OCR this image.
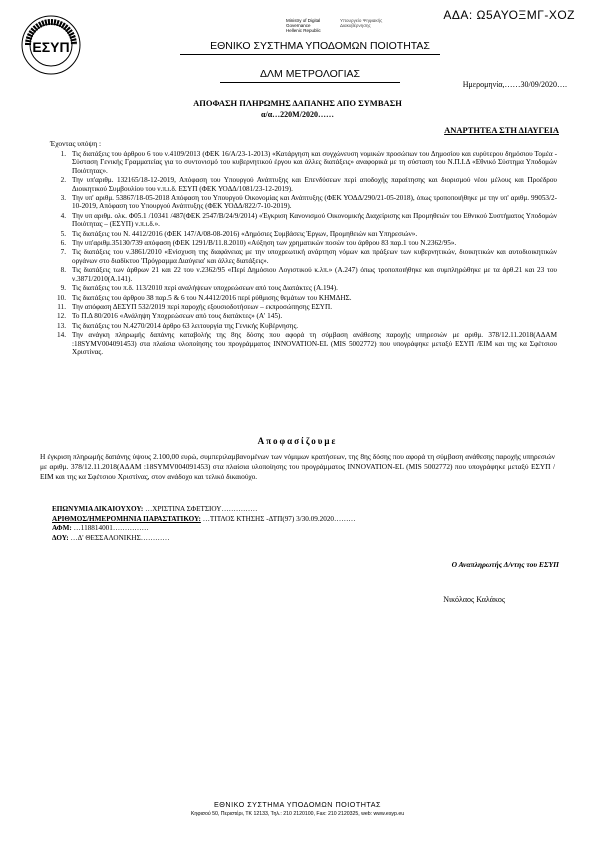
ΑΔΑ: Ω5ΑΥΟΞΜΓ-ΧΟΖ
ΕΣΥΠ
Ministry of Digital
Governance
Hellenic Republic
Υπουργείο Ψηφιακής
Διακυβέρνησης
ΕΘΝΙΚΟ ΣΥΣΤΗΜΑ ΥΠΟΔΟΜΩΝ ΠΟΙΟΤΗΤΑΣ
ΔΛΜ ΜΕΤΡΟΛΟΓΙΑΣ
Ημερομηνία,……30/09/2020….
ΑΠΟΦΑΣΗ ΠΛΗΡΩΜΗΣ ΔΑΠΑΝΗΣ ΑΠΟ ΣΥΜΒΑΣΗ
α/α…220Μ/2020……
ΑΝΑΡΤΗΤΕΑ ΣΤΗ ΔΙΑΥΓΕΙΑ
Έχοντας υπόψη :
1. Τις διατάξεις του άρθρου 6 του ν.4109/2013 (ΦΕΚ 16/Α/23-1-2013) «Κατάργηση και συγχώνευση νομικών προσώπων του Δημοσίου και ευρύτερου δημόσιου Τομέα - Σύσταση Γενικής Γραμματείας για το συντονισμό του κυβερνητικού έργου και άλλες διατάξεις» αναφορικά με τη σύσταση του Ν.Π.Ι.Δ «Εθνικό Σύστημα Υποδομών Ποιότητας».
2. Την υπ'αριθμ. 132165/18-12-2019, Απόφαση του Υπουργού Ανάπτυξης και Επενδύσεων περί αποδοχής παραίτησης και διορισμού νέου μέλους και Προέδρου Διοικητικού Συμβουλίου του ν.π.ι.δ. ΕΣΥΠ (ΦΕΚ ΥΟΔΔ/1081/23-12-2019).
3. Την υπ' αριθμ. 53867/18-05-2018 Απόφαση του Υπουργού Οικονομίας και Ανάπτυξης (ΦΕΚ ΥΟΔΔ/290/21-05-2018), όπως τροποποιήθηκε με την υπ' αριθμ. 99053/2-10-2019, Απόφαση του Υπουργού Ανάπτυξης (ΦΕΚ ΥΟΔΔ/822/7-10-2019).
4. Την υπ αριθμ. ολκ. Φ05.1 /10341 /487(ΦΕΚ 2547/Β/24/9/2014) «Έγκριση Κανονισμού Οικονομικής Διαχείρισης και Προμηθειών του Εθνικού Συστήματος Υποδομών Ποιότητας – (ΕΣΥΠ) ν.π.ι.δ.».
5. Τις διατάξεις του Ν. 4412/2016 (ΦΕΚ 147/Α/08-08-2016) «Δημόσιες Συμβάσεις Έργων, Προμηθειών και Υπηρεσιών».
6. Την υπ'αριθμ.35130/739 απόφαση (ΦΕΚ 1291/Β/11.8.2010) «Αύξηση των χρηματικών ποσών του άρθρου 83 παρ.1 του Ν.2362/95».
7. Τις διατάξεις του ν.3861/2010 «Ενίσχυση της διαφάνειας με την υποχρεωτική ανάρτηση νόμων και πράξεων των κυβερνητικών, διοικητικών και αυτοδιοικητικών οργάνων στο διαδίκτυο 'Πρόγραμμα Διαύγεια' και άλλες διατάξεις».
8. Τις διατάξεις των άρθρων 21 και 22 του ν.2362/95 «Περί Δημόσιου Λογιστικού κ.λπ.» (Α.247) όπως τροποποιήθηκε και συμπληρώθηκε με τα άρθ.21 και 23 του ν.3871/2010(Α.141).
9. Τις διατάξεις του π.δ. 113/2010 περί αναλήψεων υποχρεώσεων από τους Διατάκτες (Α.194).
10. Τις διατάξεις του άρθρου 38 παρ.5 & 6 του Ν.4412/2016 περί ρύθμισης θεμάτων του ΚΗΜΔΗΣ.
11. Την απόφαση ΔΕΣΥΠ 532/2019 περί παροχής εξουσιοδοτήσεων – εκπροσώπησης ΕΣΥΠ.
12. Το Π.Δ 80/2016 «Ανάληψη Υποχρεώσεων από τους διατάκτες» (Α' 145).
13. Τις διατάξεις του Ν.4270/2014 άρθρο 63 λειτουργία της Γενικής Κυβέρνησης.
14. Την ανάγκη πληρωμής δαπάνης καταβολής της 8ης δόσης που αφορά τη σύμβαση ανάθεσης παροχής υπηρεσιών με αριθμ. 378/12.11.2018(ΑΔΑΜ :18SYMV004091453) στα πλαίσια υλοποίησης του προγράμματος INNOVATION-EL (MIS 5002772) που υπογράφηκε μεταξύ ΕΣΥΠ /ΕΙΜ και της κα Σφέτσιου Χριστίνας.
Αποφασίζουμε
Η έγκριση πληρωμής δαπάνης ύψους 2.100,00 ευρώ, συμπεριλαμβανομένων των νόμιμων κρατήσεων, της 8ης δόσης που αφορά τη σύμβαση ανάθεσης παροχής υπηρεσιών με αριθμ. 378/12.11.2018(ΑΔΑΜ :18SYMV004091453) στα πλαίσια υλοποίησης του προγράμματος INNOVATION-EL (MIS 5002772) που υπογράφηκε μεταξύ ΕΣΥΠ /ΕΙΜ και της κα Σφέτσιου Χριστίνας, στον ανάδοχο και τελικό δικαιούχο.
ΕΠΩΝΥΜΙΑ ΔΙΚΑΙΟΥΧΟΥ: …ΧΡΙΣΤΙΝΑ ΣΦΕΤΣΙΟΥ……………
ΑΡΙΘΜΟΣ/ΗΜΕΡΟΜΗΝΙΑ ΠΑΡΑΣΤΑΤΙΚΟΥ: …ΤΙΤΛΟΣ ΚΤΗΣΗΣ -ΔΤΠ(97) 3/30.09.2020………
ΑΦΜ: …118814001……………
ΔΟΥ: …Δ' ΘΕΣΣΑΛΟΝΙΚΗΣ…………
Ο Αναπληρωτής Δ/ντης του ΕΣΥΠ
Νικόλαος Καλάκος
ΕΘΝΙΚΟ ΣΥΣΤΗΜΑ ΥΠΟΔΟΜΩΝ ΠΟΙΟΤΗΤΑΣ
Κηφισού 50, Περιστέρι, ΤΚ 12133, Τηλ.: 210 2120100, Fax: 210 2120325, web: www.esyp.eu
